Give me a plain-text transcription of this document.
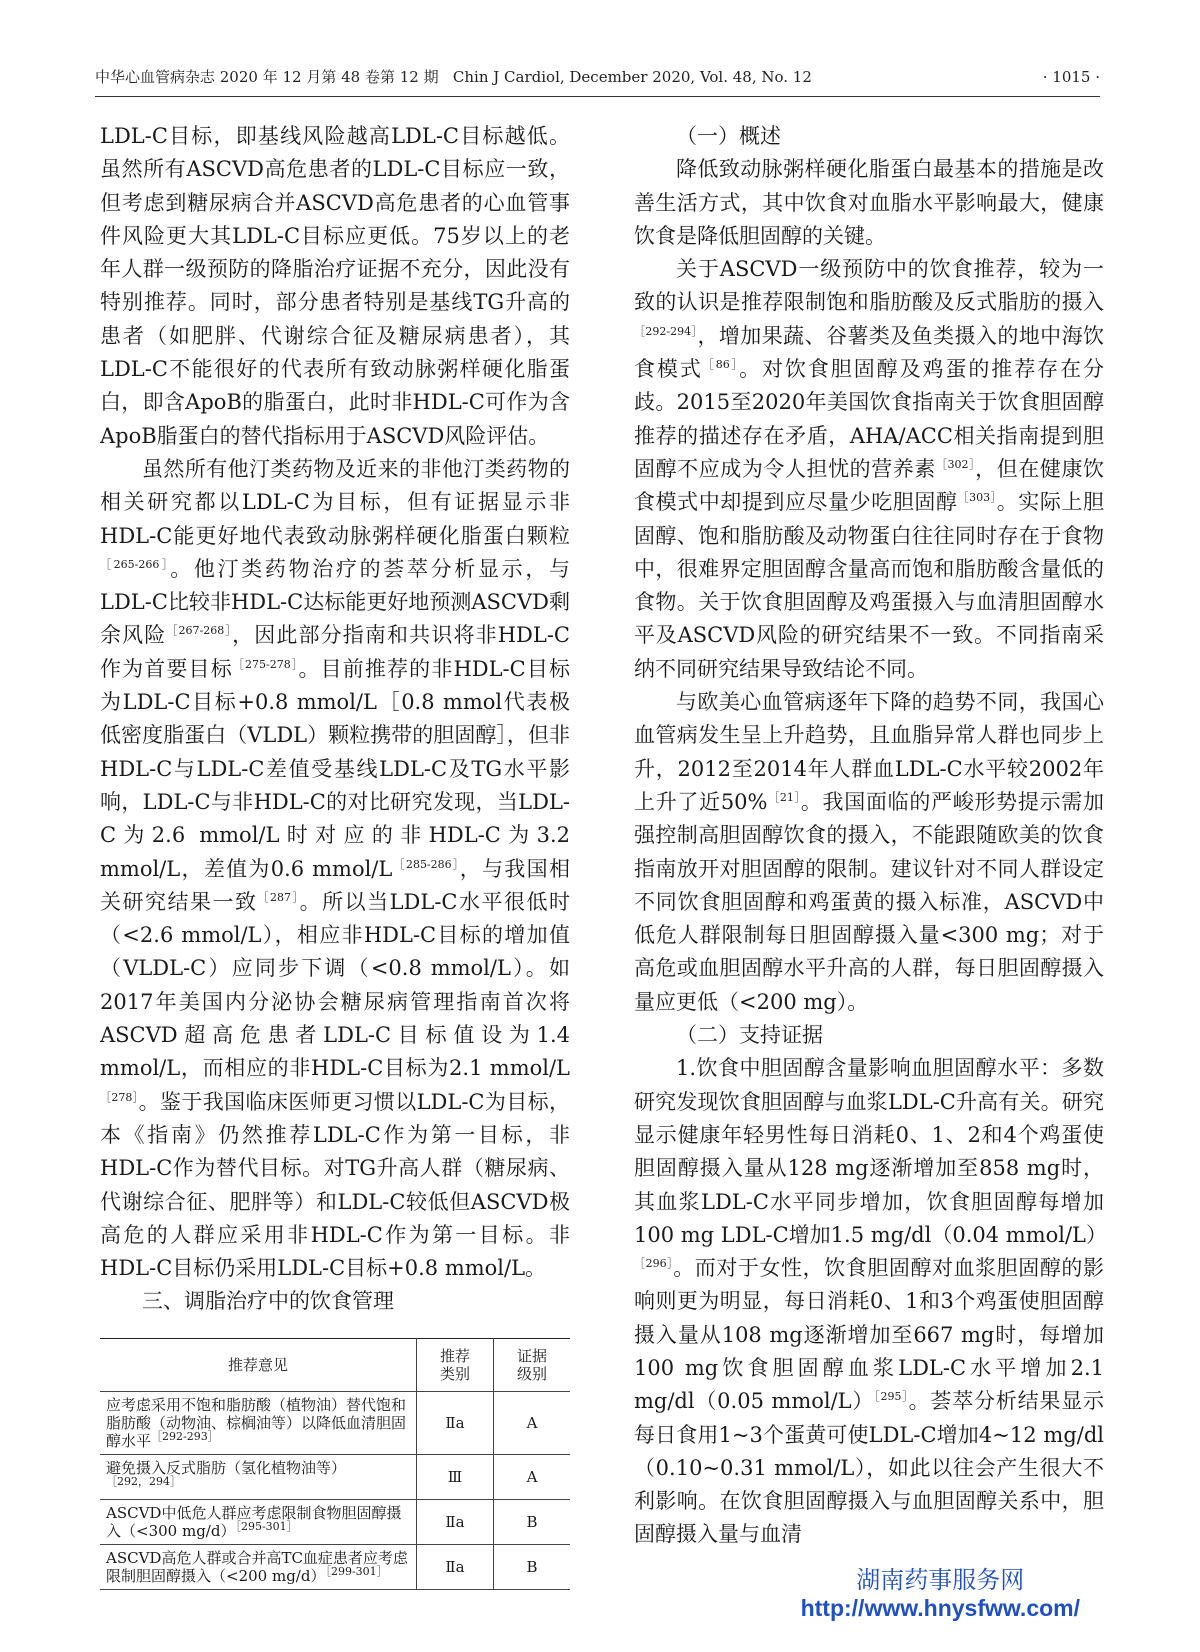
中华心血管病杂志 2020 年 12 月第 48 卷第 12 期 Chin J Cardiol, December 2020, Vol. 48, No. 12	· 1015 ·

LDL-C目标，即基线风险越高LDL-C目标越低。虽然所有ASCVD高危患者的LDL-C目标应一致，但考虑到糖尿病合并ASCVD高危患者的心血管事件风险更大其LDL-C目标应更低。75岁以上的老年人群一级预防的降脂治疗证据不充分，因此没有特别推荐。同时，部分患者特别是基线TG升高的患者（如肥胖、代谢综合征及糖尿病患者），其LDL-C不能很好的代表所有致动脉粥样硬化脂蛋白，即含ApoB的脂蛋白，此时非HDL-C可作为含ApoB脂蛋白的替代指标用于ASCVD风险评估。

虽然所有他汀类药物及近来的非他汀类药物的相关研究都以LDL-C为目标，但有证据显示非HDL-C能更好地代表致动脉粥样硬化脂蛋白颗粒$^{[265-266]}$。他汀类药物治疗的荟萃分析显示，与LDL-C比较非HDL-C达标能更好地预测ASCVD剩余风险$^{[267-268]}$，因此部分指南和共识将非HDL-C作为首要目标$^{[275-278]}$。目前推荐的非HDL-C目标为LDL-C目标+0.8 mmol/L［0.8 mmol代表极低密度脂蛋白（VLDL）颗粒携带的胆固醇］，但非HDL-C与LDL-C差值受基线LDL-C及TG水平影响，LDL-C与非HDL-C的对比研究发现，当LDL-C为2.6 mmol/L时对应的非HDL-C为3.2 mmol/L，差值为0.6 mmol/$L^{[285-286]}$，与我国相关研究结果一致$^{[287]}$。所以当LDL-C水平很低时（<2.6 mmol/L），相应非HDL-C目标的增加值（VLDL-C）应同步下调（<0.8 mmol/L）。如2017年美国内分泌协会糖尿病管理指南首次将ASCVD超高危患者LDL-C目标值设为1.4 mmol/L，而相应的非HDL-C目标为2.1 mmol/$L^{[278]}$。鉴于我国临床医师更习惯以LDL-C为目标，本《指南》仍然推荐LDL-C作为第一目标，非HDL-C作为替代目标。对TG升高人群（糖尿病、代谢综合征、肥胖等）和LDL-C较低但ASCVD极高危的人群应采用非HDL-C作为第一目标。非HDL-C目标仍采用LDL-C目标+0.8 mmol/L。

三、调脂治疗中的饮食管理
推荐意见	推荐类别	证据级别
应考虑采用不饱和脂肪酸（植物油）替代饱和脂肪酸（动物油、棕榈油等）以降低血清胆固醇水平$^{[292-293]}$	Ⅱa	A
避免摄入反式脂肪（氢化植物油等）$^{[292,294]}$	Ⅲ	A
ASCVD中低危人群应考虑限制食物胆固醇摄入（<300 mg/d）$^{[295-301]}$	Ⅱa	B
ASCVD高危人群或合并高TC血症患者应考虑限制胆固醇摄入（<200 mg/d）$^{[299-301]}$	Ⅱa	B
（一）概述

降低致动脉粥样硬化脂蛋白最基本的措施是改善生活方式，其中饮食对血脂水平影响最大，健康饮食是降低胆固醇的关键。

关于ASCVD一级预防中的饮食推荐，较为一致的认识是推荐限制饱和脂肪酸及反式脂肪的摄入$^{[292-294]}$，增加果蔬、谷薯类及鱼类摄入的地中海饮食模式$^{[86]}$。对饮食胆固醇及鸡蛋的推荐存在分歧。2015至2020年美国饮食指南关于饮食胆固醇推荐的描述存在矛盾，AHA/ACC相关指南提到胆固醇不应成为令人担忧的营养素$^{[302]}$，但在健康饮食模式中却提到应尽量少吃胆固醇$^{[303]}$。实际上胆固醇、饱和脂肪酸及动物蛋白往往同时存在于食物中，很难界定胆固醇含量高而饱和脂肪酸含量低的食物。关于饮食胆固醇及鸡蛋摄入与血清胆固醇水平及ASCVD风险的研究结果不一致。不同指南采纳不同研究结果导致结论不同。

与欧美心血管病逐年下降的趋势不同，我国心血管病发生呈上升趋势，且血脂异常人群也同步上升，2012至2014年人群血LDL-C水平较2002年上升了近50%$^{[21]}$。我国面临的严峻形势提示需加强控制高胆固醇饮食的摄入，不能跟随欧美的饮食指南放开对胆固醇的限制。建议针对不同人群设定不同饮食胆固醇和鸡蛋黄的摄入标准，ASCVD中低危人群限制每日胆固醇摄入量<300 mg；对于高危或血胆固醇水平升高的人群，每日胆固醇摄入量应更低（<200 mg）。

（二）支持证据

1.饮食中胆固醇含量影响血胆固醇水平：多数研究发现饮食胆固醇与血浆LDL-C升高有关。研究显示健康年轻男性每日消耗0、1、2和4个鸡蛋使胆固醇摄入量从128 mg逐渐增加至858 mg时，其血浆LDL-C水平同步增加，饮食胆固醇每增加100 mg LDL-C增加1.5 mg/dl（0.04 mmol/L）$^{[296]}$。而对于女性，饮食胆固醇对血浆胆固醇的影响则更为明显，每日消耗0、1和3个鸡蛋使胆固醇摄入量从108 mg逐渐增加至667 mg时，每增加100 mg饮食胆固醇血浆LDL-C水平增加2.1 mg/dl（0.05 mmol/L）$^{[295]}$。荟萃分析结果显示每日食用1~3个蛋黄可使LDL-C增加4~12 mg/dl（0.10~0.31 mmol/L），如此以往会产生很大不利影响。在饮食胆固醇摄入与血胆固醇关系中，胆固醇摄入量与血清

湖南药事服务网
http://www.hnysfww.com/
